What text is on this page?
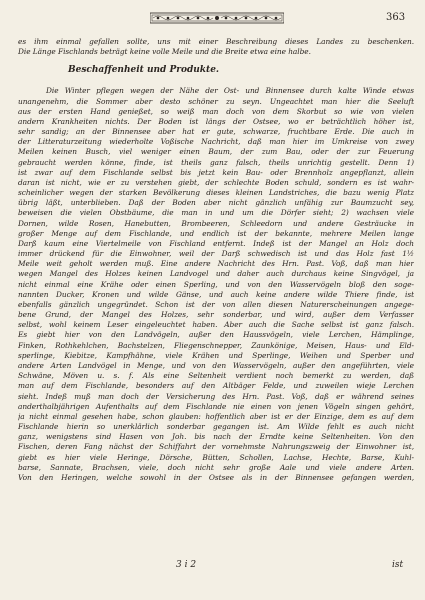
363
es ihm einmal gefallen sollte, uns mit einer Beschreibung dieses Landes zu beschenken.
Die Länge Fischlands beträgt keine volle Meile und die Breite etwa eine halbe.
Beschaffenheit und Produkte.
Die Winter pflegen wegen der Nähe der Ost- und Binnensee durch kalte Winde etwas
unangenehm, die Sommer aber desto schöner zu seyn. Ungeachtet man hier die Seeluft
aus der ersten Hand genießet, so weiß man doch von dem Skorbut so wie von vielen
andern Krankheiten nichts. Der Boden ist längs der Ostsee, wo er beträchtlich höher ist,
sehr sandig; an der Binnensee aber hat er gute, schwarze, fruchtbare Erde. Die auch in
der Litteraturzeitung wiederholte Voßische Nachricht, daß man hier im Umkreise von zwey
Meilen keinen Busch, viel weniger einen Baum, der zum Bau, oder der zur Feuerung
gebraucht werden könne, finde, ist theils ganz falsch, theils unrichtig gestellt. Denn 1)
ist zwar auf dem Fischlande selbst bis jetzt kein Bau- oder Brennholz angepflanzt, allein
daran ist nicht, wie er zu verstehen giebt, der schlechte Boden schuld, sondern es ist wahr-
scheinlicher wegen der starken Bevölkerung dieses kleinen Landstriches, die bazu wenig Platz
übrig läßt, unterblieben. Daß der Boden aber nicht gänzlich unfähig zur Baumzucht sey,
beweisen die vielen Obstbäume, die man in und um die Dörfer sieht; 2) wachsen viele
Dornen, wilde Rosen, Hanebutten, Brombeeren, Schleedorn und andere Gesträucke in
großer Menge auf dem Fischlande, und endlich ist der bekannte, mehrere Meilen lange
Darß kaum eine Viertelmeile von Fischland entfernt. Indeß ist der Mangel an Holz doch
immer drückend für die Einwohner, weil der Darß schwedisch ist und das Holz fast 1½
Meile weit geholt werden muß. Eine andere Nachricht des Hrn. Past. Voß, daß man hier
wegen Mangel des Holzes keinen Landvogel und daher auch durchaus keine Singvögel, ja
nicht einmal eine Krähe oder einen Sperling, und von den Wasservögeln bloß den soge-
nannten Ducker, Kronen und wilde Gänse, und auch keine andere wilde Thiere finde, ist
ebenfalls gänzlich ungegründet. Schon ist der von allen diesen Naturerscheinungen angege-
bene Grund, der Mangel des Holzes, sehr sonderbar, und wird, außer dem Verfasser
selbst, wohl keinem Leser eingeleuchtet haben. Aber auch die Sache selbst ist ganz falsch.
Es giebt hier von den Landvögeln, außer den Haussvögeln, viele Lerchen, Hämplinge,
Finken, Rothkehlchen, Bachstelzen, Fliegenschnepper, Zaunkönige, Meisen, Haus- und Eld-
sperlinge, Kiebitze, Kampfhähne, viele Krähen und Sperlinge, Weihen und Sperber und
andere Arten Landvögel in Menge, und von den Wasservögeln, außer den angeführten, viele
Schwäne, Möven u. s. f. Als eine Seltenheit verdient noch bemerkt zu werden, daß
man auf dem Fischlande, besonders auf den Altbäger Felde, und zuweilen wieje Lerchen
sieht. Indeß muß man doch der Versicherung des Hrn. Past. Voß, daß er während seines
anderthalbjährigen Aufenthalts auf dem Fischlande nie einen von jenen Vögeln singen gehört,
ja nicht einmal gesehen habe, schon glauben: hoffentlich aber ist er der Einzige, dem es auf dem
Fischlande hierin so unerklärlich sonderbar gegangen ist. Am Wilde fehlt es auch nicht
ganz, wenigstens sind Hasen von Joh. bis nach der Erndte keine Seltenheiten. Von den
Fischen, deren Fang nächst der Schiffahrt der vornehmste Nahrungszweig der Einwohner ist,
giebt es hier viele Heringe, Dörsche, Bütten, Schollen, Lachse, Hechte, Barse, Kuhl-
barse, Sannate, Brachsen, viele, doch nicht sehr große Aale und viele andere Arten.
Von den Heringen, welche sowohl in der Ostsee als in der Binnensee gefangen werden,
3 i 2	ist
